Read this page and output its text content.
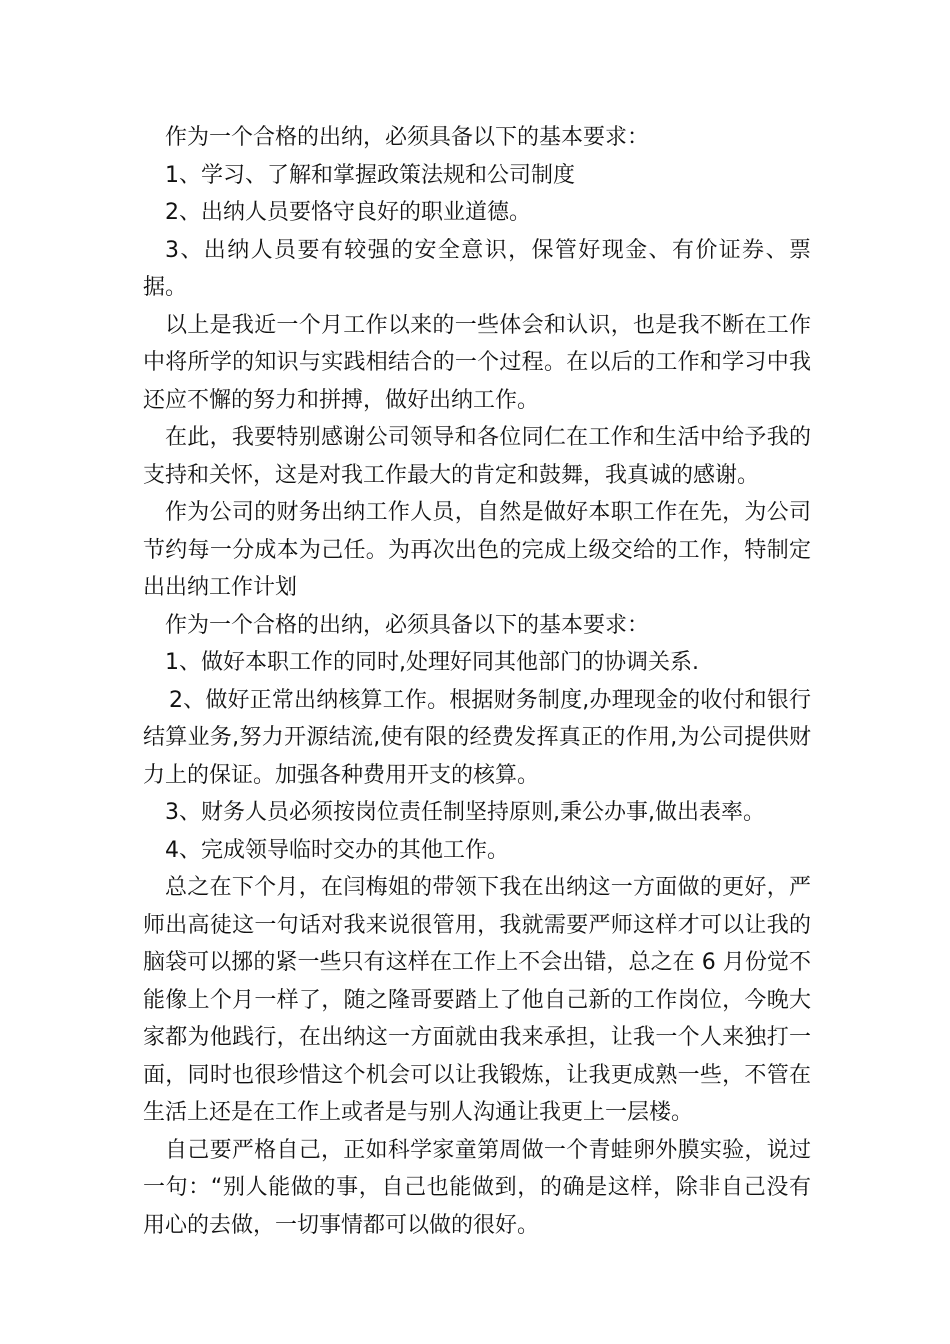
作为一个合格的出纳，必须具备以下的基本要求：

1、学习、了解和掌握政策法规和公司制度

2、出纳人员要恪守良好的职业道德。

3、出纳人员要有较强的安全意识，保管好现金、有价证券、票据。

以上是我近一个月工作以来的一些体会和认识，也是我不断在工作中将所学的知识与实践相结合的一个过程。在以后的工作和学习中我还应不懈的努力和拼搏，做好出纳工作。

在此，我要特别感谢公司领导和各位同仁在工作和生活中给予我的支持和关怀，这是对我工作最大的肯定和鼓舞，我真诚的感谢。

作为公司的财务出纳工作人员，自然是做好本职工作在先，为公司节约每一分成本为己任。为再次出色的完成上级交给的工作，特制定出出纳工作计划

作为一个合格的出纳，必须具备以下的基本要求：

1、做好本职工作的同时,处理好同其他部门的协调关系.

2、做好正常出纳核算工作。根据财务制度,办理现金的收付和银行结算业务,努力开源结流,使有限的经费发挥真正的作用,为公司提供财力上的保证。加强各种费用开支的核算。

3、财务人员必须按岗位责任制坚持原则,秉公办事,做出表率。

4、完成领导临时交办的其他工作。

总之在下个月，在闫梅姐的带领下我在出纳这一方面做的更好，严师出高徒这一句话对我来说很管用，我就需要严师这样才可以让我的脑袋可以捓的紧一些只有这样在工作上不会出错，总之在 6 月份觉不能像上个月一样了，随之隆哥要踏上了他自己新的工作岗位，今晚大家都为他践行，在出纳这一方面就由我来承担，让我一个人来独打一面，同时也很珍惜这个机会可以让我锻炼，让我更成熟一些，不管在生活上还是在工作上或者是与别人沟通让我更上一层楼。

自己要严格自己，正如科学家童第周做一个青蛙卵外膜实验，说过一句：“别人能做的事，自己也能做到，的确是这样，除非自己没有用心的去做，一切事情都可以做的很好。
